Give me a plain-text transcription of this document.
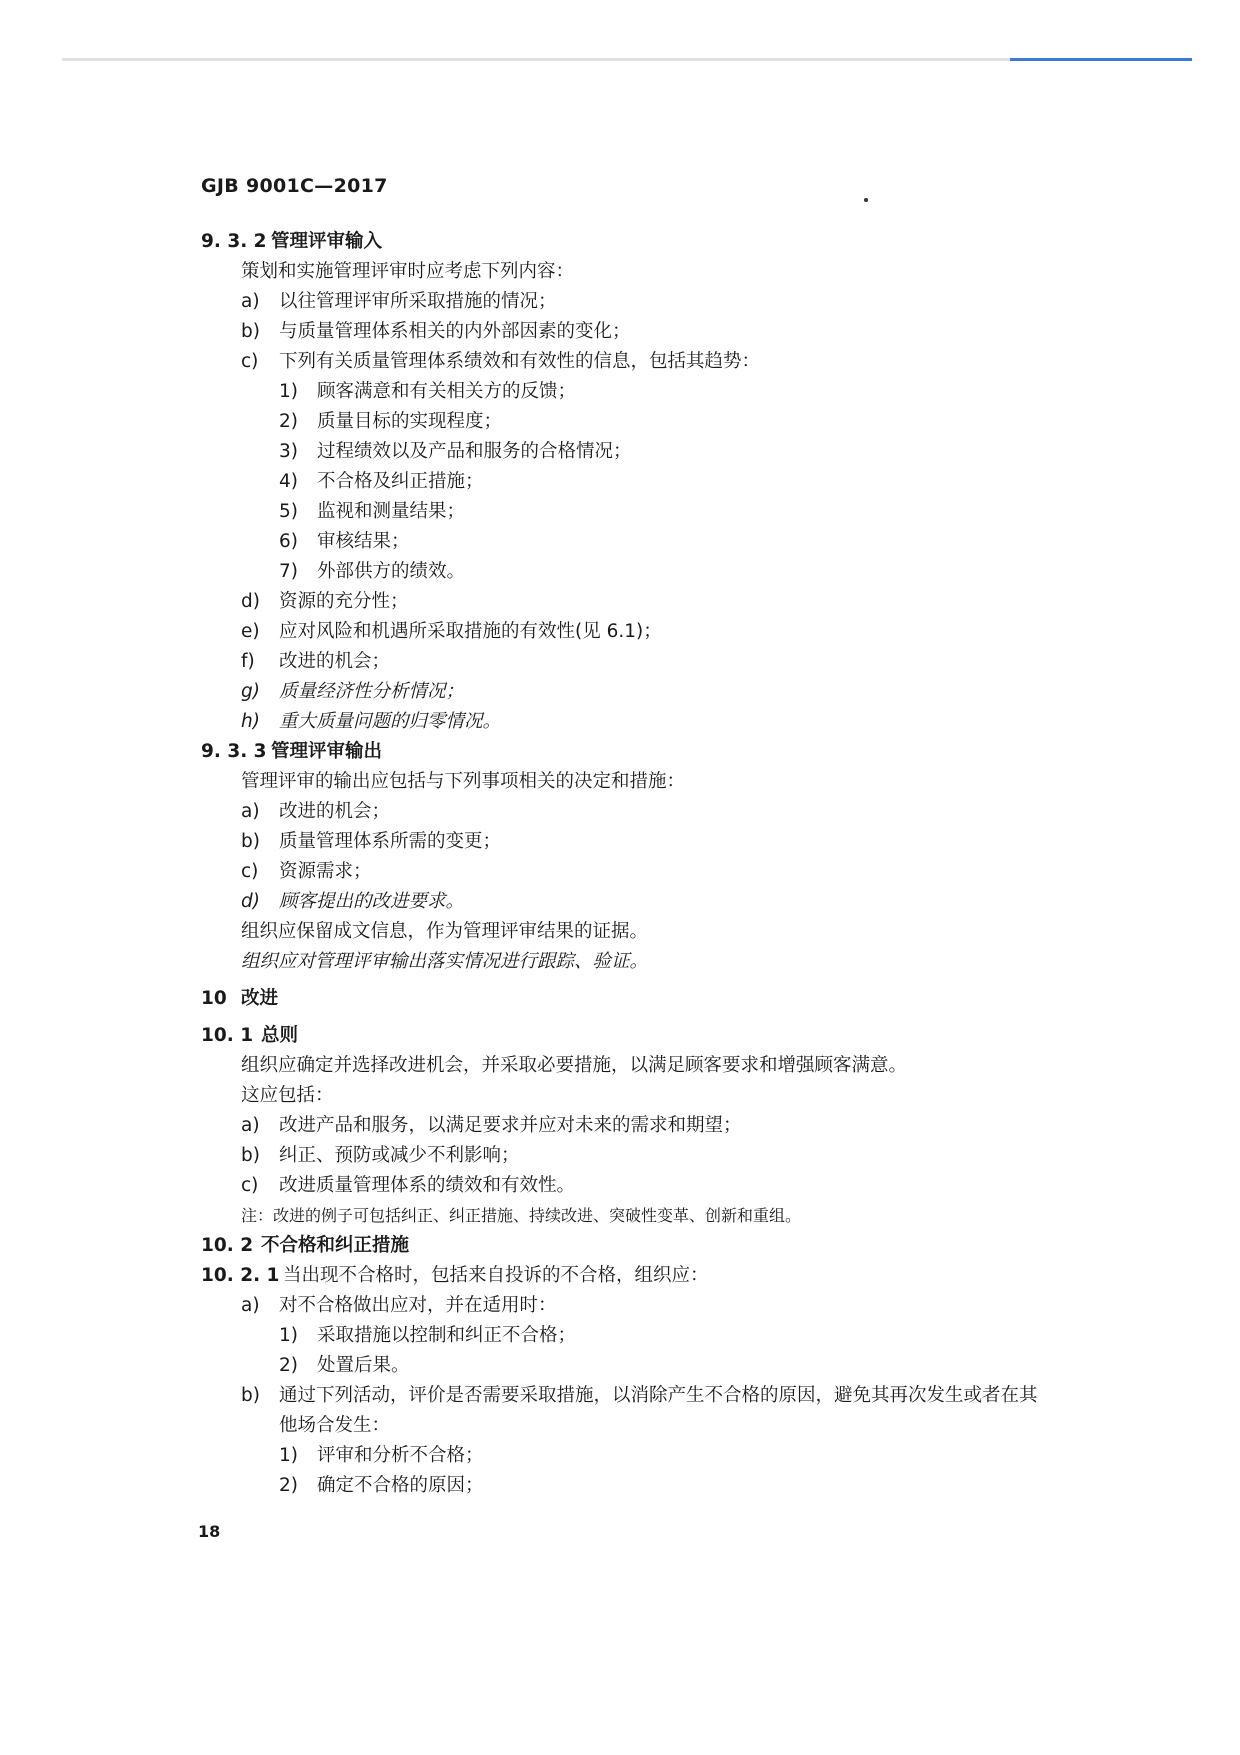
GJB 9001C—2017
9. 3. 2 管理评审输入
策划和实施管理评审时应考虑下列内容：
a) 以往管理评审所采取措施的情况；
b) 与质量管理体系相关的内外部因素的变化；
c) 下列有关质量管理体系绩效和有效性的信息，包括其趋势：
1) 顾客满意和有关相关方的反馈；
2) 质量目标的实现程度；
3) 过程绩效以及产品和服务的合格情况；
4) 不合格及纠正措施；
5) 监视和测量结果；
6) 审核结果；
7) 外部供方的绩效。
d) 资源的充分性；
e) 应对风险和机遇所采取措施的有效性(见 6.1)；
f) 改进的机会；
g) 质量经济性分析情况；
h) 重大质量问题的归零情况。
9. 3. 3 管理评审输出
管理评审的输出应包括与下列事项相关的决定和措施：
a) 改进的机会；
b) 质量管理体系所需的变更；
c) 资源需求；
d) 顾客提出的改进要求。
组织应保留成文信息，作为管理评审结果的证据。
组织应对管理评审输出落实情况进行跟踪、验证。
10 改进
10. 1 总则
组织应确定并选择改进机会，并采取必要措施，以满足顾客要求和增强顾客满意。
这应包括：
a) 改进产品和服务，以满足要求并应对未来的需求和期望；
b) 纠正、预防或减少不利影响；
c) 改进质量管理体系的绩效和有效性。
注：改进的例子可包括纠正、纠正措施、持续改进、突破性变革、创新和重组。
10. 2 不合格和纠正措施
10. 2. 1 当出现不合格时，包括来自投诉的不合格，组织应：
a) 对不合格做出应对，并在适用时：
1) 采取措施以控制和纠正不合格；
2) 处置后果。
b) 通过下列活动，评价是否需要采取措施，以消除产生不合格的原因，避免其再次发生或者在其
他场合发生：
1) 评审和分析不合格；
2) 确定不合格的原因；
18
